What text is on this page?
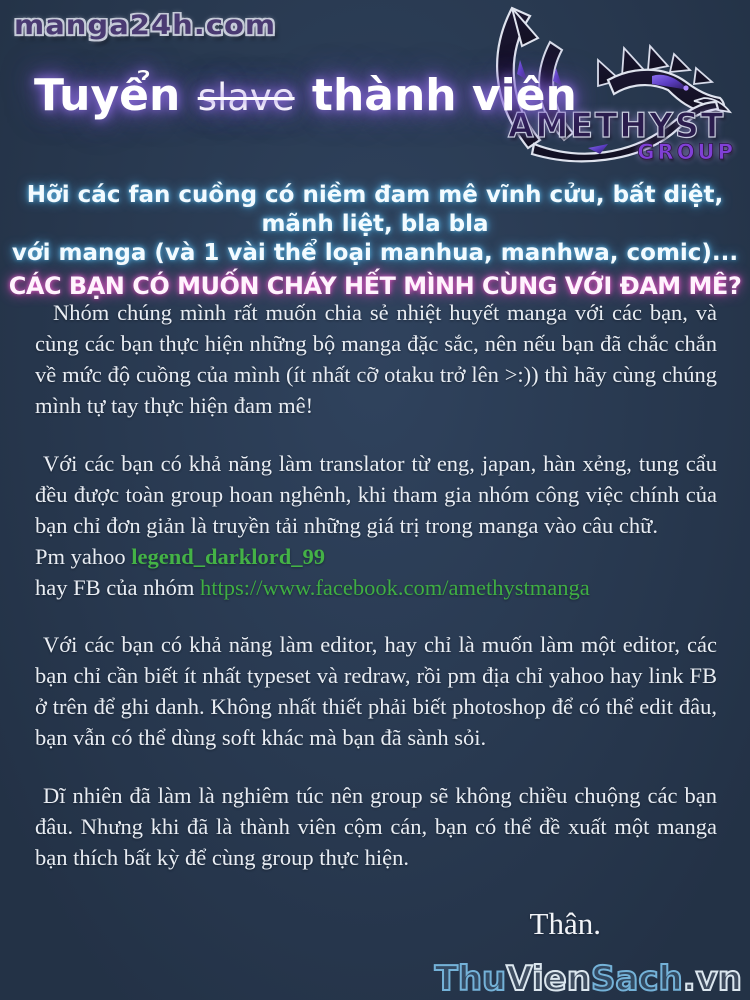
manga24h.com
AMETHYST
GROUP
Tuyển slave thành viên
Hỡi các fan cuồng có niềm đam mê vĩnh cửu, bất diệt, mãnh liệt, bla bla
với manga (và 1 vài thể loại manhua, manhwa, comic)...
CÁC BẠN CÓ MUỐN CHÁY HẾT MÌNH CÙNG VỚI ĐAM MÊ?

Nhóm chúng mình rất muốn chia sẻ nhiệt huyết manga với các bạn, và cùng các bạn thực hiện những bộ manga đặc sắc, nên nếu bạn đã chắc chắn về mức độ cuồng của mình (ít nhất cỡ otaku trở lên >:)) thì hãy cùng chúng mình tự tay thực hiện đam mê!

Với các bạn có khả năng làm translator từ eng, japan, hàn xẻng, tung cẩu đều được toàn group hoan nghênh, khi tham gia nhóm công việc chính của bạn chỉ đơn giản là truyền tải những giá trị trong manga vào câu chữ.

Pm yahoo legend_darklord_99
hay FB của nhóm https://www.facebook.com/amethystmanga

Với các bạn có khả năng làm editor, hay chỉ là muốn làm một editor, các bạn chỉ cần biết ít nhất typeset và redraw, rồi pm địa chỉ yahoo hay link FB ở trên để ghi danh. Không nhất thiết phải biết photoshop để có thể edit đâu, bạn vẫn có thể dùng soft khác mà bạn đã sành sỏi.

Dĩ nhiên đã làm là nghiêm túc nên group sẽ không chiều chuộng các bạn đâu. Nhưng khi đã là thành viên cộm cán, bạn có thể đề xuất một manga bạn thích bất kỳ để cùng group thực hiện.

Thân.
ThuVienSach.vn
